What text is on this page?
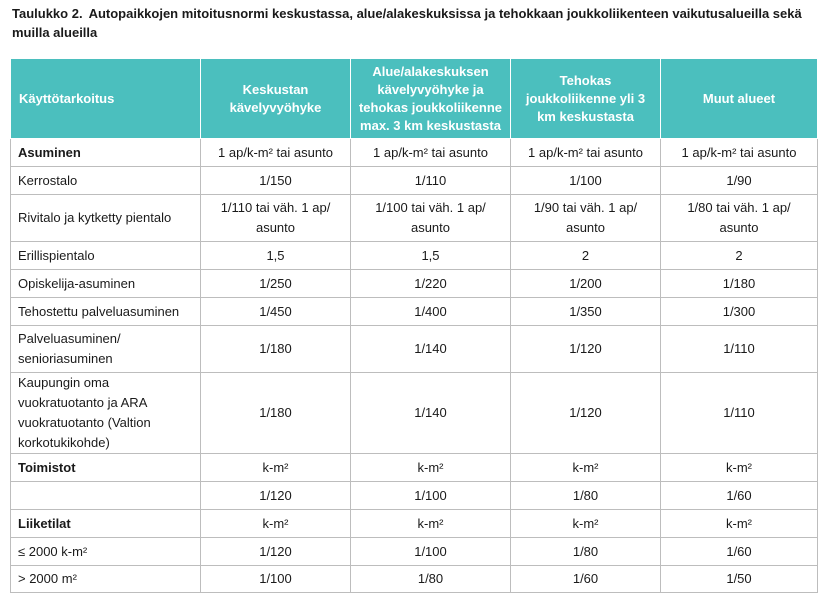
Taulukko 2. Autopaikkojen mitoitusnormi keskustassa, alue/alakeskuksissa ja tehokkaan joukkoliikenteen vaikutusalueilla sekä muilla alueilla
Käyttötarkoitus	Keskustan kävelyvyöhyke	Alue/alakeskuksen kävelyvyöhyke ja tehokas joukkoliikenne max. 3 km keskustasta	Tehokas joukkoliikenne yli 3 km keskustasta	Muut alueet
Asuminen	1 ap/k-m² tai asunto	1 ap/k-m² tai asunto	1 ap/k-m² tai asunto	1 ap/k-m² tai asunto
Kerrostalo	1/150	1/110	1/100	1/90
Rivitalo ja kytketty pientalo	1/110 tai väh. 1 ap/ asunto	1/100 tai väh. 1 ap/ asunto	1/90 tai väh. 1 ap/ asunto	1/80 tai väh. 1 ap/ asunto
Erillispientalo	1,5	1,5	2	2
Opiskelija-asuminen	1/250	1/220	1/200	1/180
Tehostettu palveluasuminen	1/450	1/400	1/350	1/300
Palveluasuminen/ senioriasuminen	1/180	1/140	1/120	1/110
Kaupungin oma vuokratuotanto ja ARA vuokratuotanto (Valtion korkotukikohde)	1/180	1/140	1/120	1/110
Toimistot	k-m²	k-m²	k-m²	k-m²
	1/120	1/100	1/80	1/60
Liiketilat	k-m²	k-m²	k-m²	k-m²
≤ 2000 k-m²	1/120	1/100	1/80	1/60
> 2000 m²	1/100	1/80	1/60	1/50
